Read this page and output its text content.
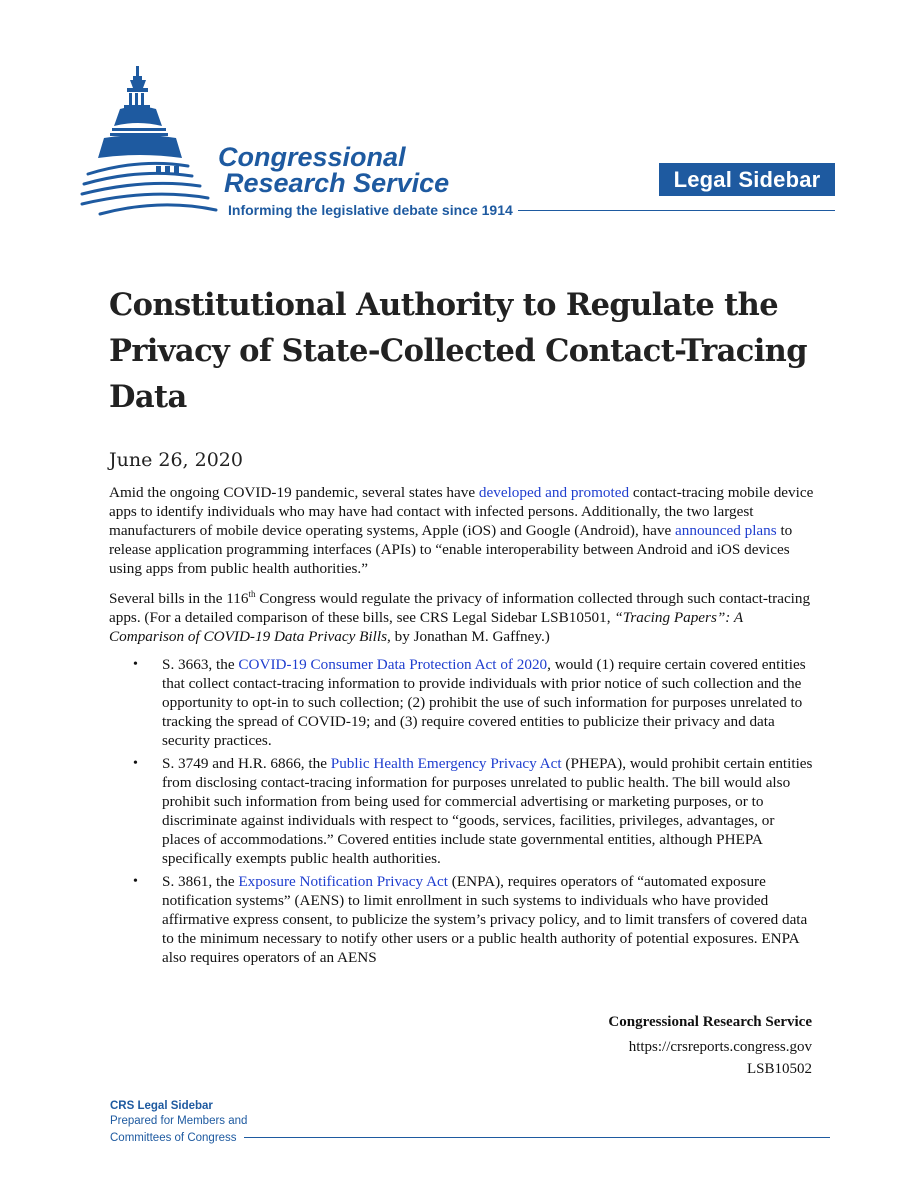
Congressional
Research Service
Informing the legislative debate since 1914
Legal Sidebar
Constitutional Authority to Regulate the Privacy of State-Collected Contact-Tracing Data
June 26, 2020

Amid the ongoing COVID-19 pandemic, several states have developed and promoted contact-tracing mobile device apps to identify individuals who may have had contact with infected persons. Additionally, the two largest manufacturers of mobile device operating systems, Apple (iOS) and Google (Android), have announced plans to release application programming interfaces (APIs) to “enable interoperability between Android and iOS devices using apps from public health authorities.”

Several bills in the 116th Congress would regulate the privacy of information collected through such contact-tracing apps. (For a detailed comparison of these bills, see CRS Legal Sidebar LSB10501, “Tracing Papers”: A Comparison of COVID-19 Data Privacy Bills, by Jonathan M. Gaffney.)

• S. 3663, the COVID-19 Consumer Data Protection Act of 2020, would (1) require certain covered entities that collect contact-tracing information to provide individuals with prior notice of such collection and the opportunity to opt-in to such collection; (2) prohibit the use of such information for purposes unrelated to tracking the spread of COVID-19; and (3) require covered entities to publicize their privacy and data security practices.
• S. 3749 and H.R. 6866, the Public Health Emergency Privacy Act (PHEPA), would prohibit certain entities from disclosing contact-tracing information for purposes unrelated to public health. The bill would also prohibit such information from being used for commercial advertising or marketing purposes, or to discriminate against individuals with respect to “goods, services, facilities, privileges, advantages, or places of accommodations.” Covered entities include state governmental entities, although PHEPA specifically exempts public health authorities.
• S. 3861, the Exposure Notification Privacy Act (ENPA), requires operators of “automated exposure notification systems” (AENS) to limit enrollment in such systems to individuals who have provided affirmative express consent, to publicize the system’s privacy policy, and to limit transfers of covered data to the minimum necessary to notify other users or a public health authority of potential exposures. ENPA also requires operators of an AENS
Congressional Research Service
https://crsreports.congress.gov
LSB10502
CRS Legal Sidebar
Prepared for Members and
Committees of Congress
